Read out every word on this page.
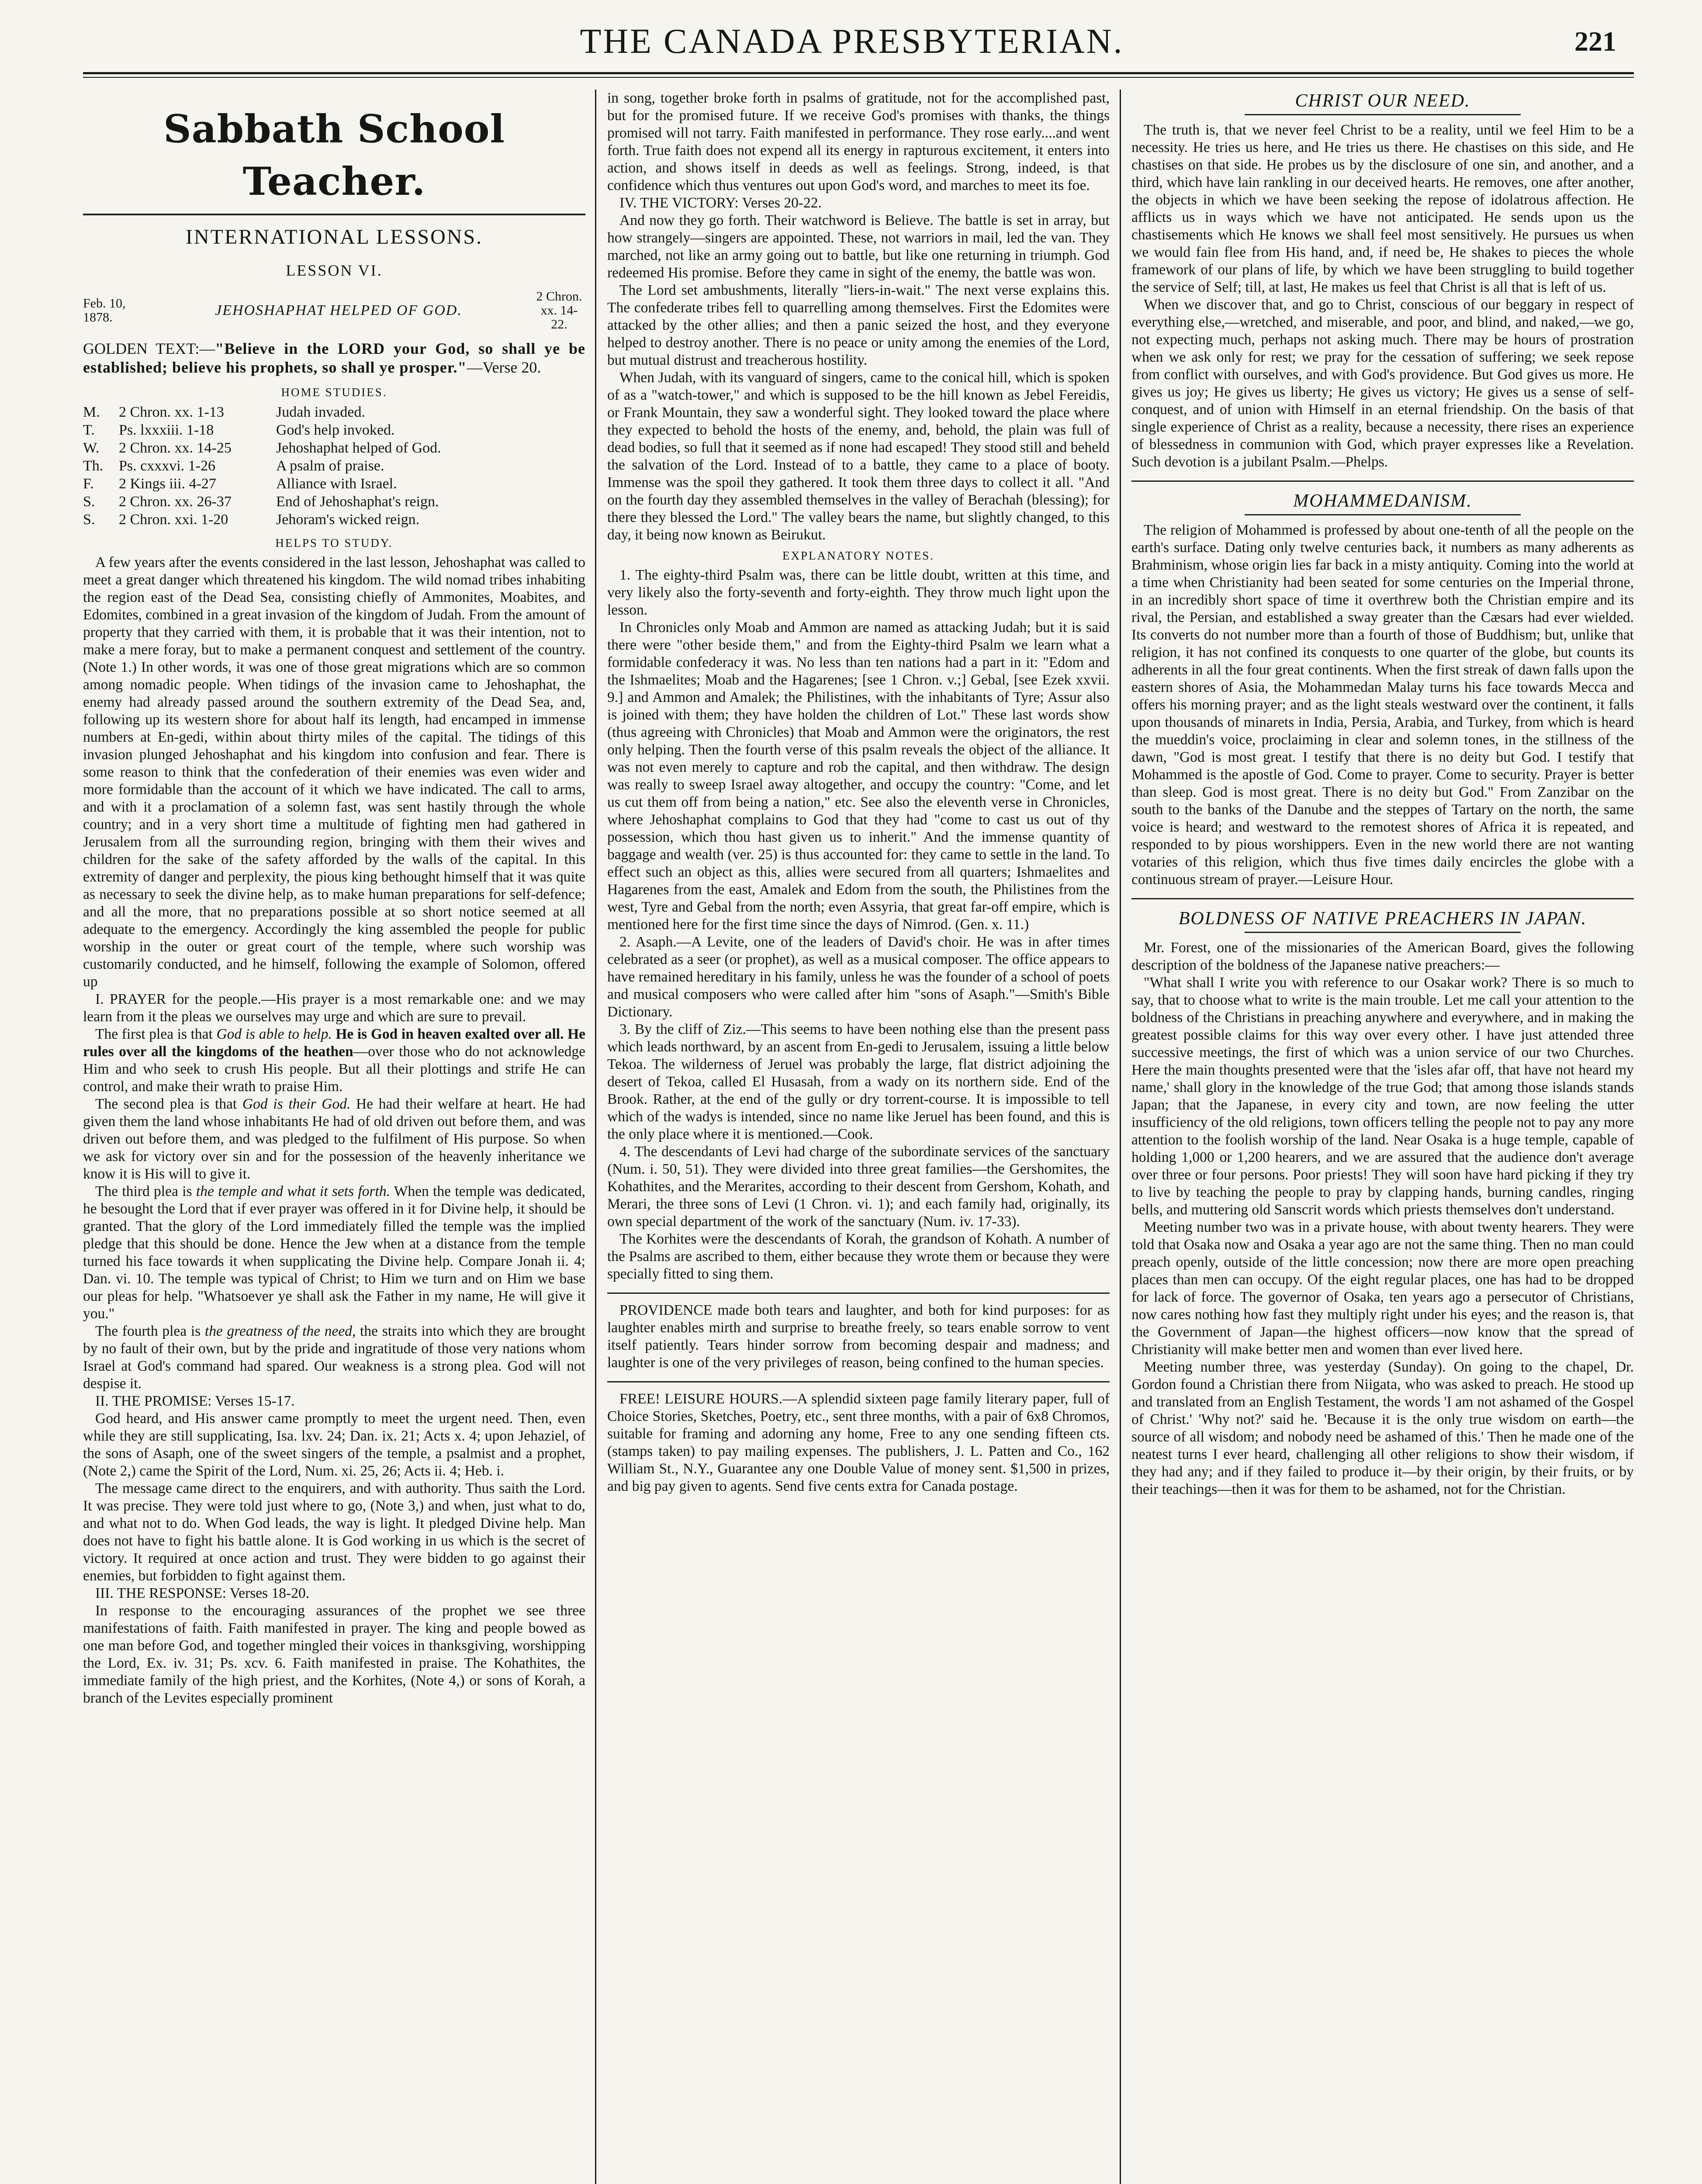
THE CANADA PRESBYTERIAN.	221
Sabbath School Teacher.
INTERNATIONAL LESSONS.
LESSON VI.
Feb. 10, 1878.	JEHOSHAPHAT HELPED OF GOD.
2 Chron. xx. 14-22.

GOLDEN TEXT:—"Believe in the LORD your God, so shall ye be established; believe his prophets, so shall ye prosper."—Verse 20.

HOME STUDIES.
M.	2 Chron. xx. 1-13	Judah invaded.
T.	Ps. lxxxiii. 1-18	God's help invoked.
W.	2 Chron. xx. 14-25	Jehoshaphat helped of God.
Th.	Ps. cxxxvi. 1-26	A psalm of praise.
F.	2 Kings iii. 4-27	Alliance with Israel.
S.	2 Chron. xx. 26-37	End of Jehoshaphat's reign.
S.	2 Chron. xxi. 1-20	Jehoram's wicked reign.
HELPS TO STUDY.

A few years after the events considered in the last lesson, Jehoshaphat was called to meet a great danger which threatened his kingdom. The wild nomad tribes inhabiting the region east of the Dead Sea, consisting chiefly of Ammonites, Moabites, and Edomites, combined in a great invasion of the kingdom of Judah. From the amount of property that they carried with them, it is probable that it was their intention, not to make a mere foray, but to make a permanent conquest and settlement of the country. (Note 1.) In other words, it was one of those great migrations which are so common among nomadic people. When tidings of the invasion came to Jehoshaphat, the enemy had already passed around the southern extremity of the Dead Sea, and, following up its western shore for about half its length, had encamped in immense numbers at En-gedi, within about thirty miles of the capital. The tidings of this invasion plunged Jehoshaphat and his kingdom into confusion and fear. There is some reason to think that the confederation of their enemies was even wider and more formidable than the account of it which we have indicated. The call to arms, and with it a proclamation of a solemn fast, was sent hastily through the whole country; and in a very short time a multitude of fighting men had gathered in Jerusalem from all the surrounding region, bringing with them their wives and children for the sake of the safety afforded by the walls of the capital. In this extremity of danger and perplexity, the pious king bethought himself that it was quite as necessary to seek the divine help, as to make human preparations for self-defence; and all the more, that no preparations possible at so short notice seemed at all adequate to the emergency. Accordingly the king assembled the people for public worship in the outer or great court of the temple, where such worship was customarily conducted, and he himself, following the example of Solomon, offered up

I. PRAYER for the people.—His prayer is a most remarkable one: and we may learn from it the pleas we ourselves may urge and which are sure to prevail.

The first plea is that God is able to help. He is God in heaven exalted over all. He rules over all the kingdoms of the heathen—over those who do not acknowledge Him and who seek to crush His people. But all their plottings and strife He can control, and make their wrath to praise Him.

The second plea is that God is their God. He had their welfare at heart. He had given them the land whose inhabitants He had of old driven out before them, and was driven out before them, and was pledged to the fulfilment of His purpose. So when we ask for victory over sin and for the possession of the heavenly inheritance we know it is His will to give it.

The third plea is the temple and what it sets forth. When the temple was dedicated, he besought the Lord that if ever prayer was offered in it for Divine help, it should be granted. That the glory of the Lord immediately filled the temple was the implied pledge that this should be done. Hence the Jew when at a distance from the temple turned his face towards it when supplicating the Divine help. Compare Jonah ii. 4; Dan. vi. 10. The temple was typical of Christ; to Him we turn and on Him we base our pleas for help. "Whatsoever ye shall ask the Father in my name, He will give it you."

The fourth plea is the greatness of the need, the straits into which they are brought by no fault of their own, but by the pride and ingratitude of those very nations whom Israel at God's command had spared. Our weakness is a strong plea. God will not despise it.

II. THE PROMISE: Verses 15-17.

God heard, and His answer came promptly to meet the urgent need. Then, even while they are still supplicating, Isa. lxv. 24; Dan. ix. 21; Acts x. 4; upon Jehaziel, of the sons of Asaph, one of the sweet singers of the temple, a psalmist and a prophet, (Note 2,) came the Spirit of the Lord, Num. xi. 25, 26; Acts ii. 4; Heb. i.

The message came direct to the enquirers, and with authority. Thus saith the Lord. It was precise. They were told just where to go, (Note 3,) and when, just what to do, and what not to do. When God leads, the way is light. It pledged Divine help. Man does not have to fight his battle alone. It is God working in us which is the secret of victory. It required at once action and trust. They were bidden to go against their enemies, but forbidden to fight against them.

III. THE RESPONSE: Verses 18-20.

In response to the encouraging assurances of the prophet we see three manifestations of faith. Faith manifested in prayer. The king and people bowed as one man before God, and together mingled their voices in thanksgiving, worshipping the Lord, Ex. iv. 31; Ps. xcv. 6. Faith manifested in praise. The Kohathites, the immediate family of the high priest, and the Korhites, (Note 4,) or sons of Korah, a branch of the Levites especially prominent

in song, together broke forth in psalms of gratitude, not for the accomplished past, but for the promised future. If we receive God's promises with thanks, the things promised will not tarry. Faith manifested in performance. They rose early....and went forth. True faith does not expend all its energy in rapturous excitement, it enters into action, and shows itself in deeds as well as feelings. Strong, indeed, is that confidence which thus ventures out upon God's word, and marches to meet its foe.

IV. THE VICTORY: Verses 20-22.

And now they go forth. Their watchword is Believe. The battle is set in array, but how strangely—singers are appointed. These, not warriors in mail, led the van. They marched, not like an army going out to battle, but like one returning in triumph. God redeemed His promise. Before they came in sight of the enemy, the battle was won.

The Lord set ambushments, literally "liers-in-wait." The next verse explains this. The confederate tribes fell to quarrelling among themselves. First the Edomites were attacked by the other allies; and then a panic seized the host, and they everyone helped to destroy another. There is no peace or unity among the enemies of the Lord, but mutual distrust and treacherous hostility.

When Judah, with its vanguard of singers, came to the conical hill, which is spoken of as a "watch-tower," and which is supposed to be the hill known as Jebel Fereidis, or Frank Mountain, they saw a wonderful sight. They looked toward the place where they expected to behold the hosts of the enemy, and, behold, the plain was full of dead bodies, so full that it seemed as if none had escaped! They stood still and beheld the salvation of the Lord. Instead of to a battle, they came to a place of booty. Immense was the spoil they gathered. It took them three days to collect it all. "And on the fourth day they assembled themselves in the valley of Berachah (blessing); for there they blessed the Lord." The valley bears the name, but slightly changed, to this day, it being now known as Beirukut.

EXPLANATORY NOTES.

1. The eighty-third Psalm was, there can be little doubt, written at this time, and very likely also the forty-seventh and forty-eighth. They throw much light upon the lesson.

In Chronicles only Moab and Ammon are named as attacking Judah; but it is said there were "other beside them," and from the Eighty-third Psalm we learn what a formidable confederacy it was. No less than ten nations had a part in it: "Edom and the Ishmaelites; Moab and the Hagarenes; [see 1 Chron. v.;] Gebal, [see Ezek xxvii. 9.] and Ammon and Amalek; the Philistines, with the inhabitants of Tyre; Assur also is joined with them; they have holden the children of Lot." These last words show (thus agreeing with Chronicles) that Moab and Ammon were the originators, the rest only helping. Then the fourth verse of this psalm reveals the object of the alliance. It was not even merely to capture and rob the capital, and then withdraw. The design was really to sweep Israel away altogether, and occupy the country: "Come, and let us cut them off from being a nation," etc. See also the eleventh verse in Chronicles, where Jehoshaphat complains to God that they had "come to cast us out of thy possession, which thou hast given us to inherit." And the immense quantity of baggage and wealth (ver. 25) is thus accounted for: they came to settle in the land. To effect such an object as this, allies were secured from all quarters; Ishmaelites and Hagarenes from the east, Amalek and Edom from the south, the Philistines from the west, Tyre and Gebal from the north; even Assyria, that great far-off empire, which is mentioned here for the first time since the days of Nimrod. (Gen. x. 11.)

2. Asaph.—A Levite, one of the leaders of David's choir. He was in after times celebrated as a seer (or prophet), as well as a musical composer. The office appears to have remained hereditary in his family, unless he was the founder of a school of poets and musical composers who were called after him "sons of Asaph."—Smith's Bible Dictionary.

3. By the cliff of Ziz.—This seems to have been nothing else than the present pass which leads northward, by an ascent from En-gedi to Jerusalem, issuing a little below Tekoa. The wilderness of Jeruel was probably the large, flat district adjoining the desert of Tekoa, called El Husasah, from a wady on its northern side. End of the Brook. Rather, at the end of the gully or dry torrent-course. It is impossible to tell which of the wadys is intended, since no name like Jeruel has been found, and this is the only place where it is mentioned.—Cook.

4. The descendants of Levi had charge of the subordinate services of the sanctuary (Num. i. 50, 51). They were divided into three great families—the Gershomites, the Kohathites, and the Merarites, according to their descent from Gershom, Kohath, and Merari, the three sons of Levi (1 Chron. vi. 1); and each family had, originally, its own special department of the work of the sanctuary (Num. iv. 17-33).

The Korhites were the descendants of Korah, the grandson of Kohath. A number of the Psalms are ascribed to them, either because they wrote them or because they were specially fitted to sing them.

PROVIDENCE made both tears and laughter, and both for kind purposes: for as laughter enables mirth and surprise to breathe freely, so tears enable sorrow to vent itself patiently. Tears hinder sorrow from becoming despair and madness; and laughter is one of the very privileges of reason, being confined to the human species.

FREE! LEISURE HOURS.—A splendid sixteen page family literary paper, full of Choice Stories, Sketches, Poetry, etc., sent three months, with a pair of 6x8 Chromos, suitable for framing and adorning any home, Free to any one sending fifteen cts. (stamps taken) to pay mailing expenses. The publishers, J. L. Patten and Co., 162 William St., N.Y., Guarantee any one Double Value of money sent. $1,500 in prizes, and big pay given to agents. Send five cents extra for Canada postage.

CHRIST OUR NEED.

The truth is, that we never feel Christ to be a reality, until we feel Him to be a necessity. He tries us here, and He tries us there. He chastises on this side, and He chastises on that side. He probes us by the disclosure of one sin, and another, and a third, which have lain rankling in our deceived hearts. He removes, one after another, the objects in which we have been seeking the repose of idolatrous affection. He afflicts us in ways which we have not anticipated. He sends upon us the chastisements which He knows we shall feel most sensitively. He pursues us when we would fain flee from His hand, and, if need be, He shakes to pieces the whole framework of our plans of life, by which we have been struggling to build together the service of Self; till, at last, He makes us feel that Christ is all that is left of us.

When we discover that, and go to Christ, conscious of our beggary in respect of everything else,—wretched, and miserable, and poor, and blind, and naked,—we go, not expecting much, perhaps not asking much. There may be hours of prostration when we ask only for rest; we pray for the cessation of suffering; we seek repose from conflict with ourselves, and with God's providence. But God gives us more. He gives us joy; He gives us liberty; He gives us victory; He gives us a sense of self-conquest, and of union with Himself in an eternal friendship. On the basis of that single experience of Christ as a reality, because a necessity, there rises an experience of blessedness in communion with God, which prayer expresses like a Revelation. Such devotion is a jubilant Psalm.—Phelps.

MOHAMMEDANISM.

The religion of Mohammed is professed by about one-tenth of all the people on the earth's surface. Dating only twelve centuries back, it numbers as many adherents as Brahminism, whose origin lies far back in a misty antiquity. Coming into the world at a time when Christianity had been seated for some centuries on the Imperial throne, in an incredibly short space of time it overthrew both the Christian empire and its rival, the Persian, and established a sway greater than the Cæsars had ever wielded. Its converts do not number more than a fourth of those of Buddhism; but, unlike that religion, it has not confined its conquests to one quarter of the globe, but counts its adherents in all the four great continents. When the first streak of dawn falls upon the eastern shores of Asia, the Mohammedan Malay turns his face towards Mecca and offers his morning prayer; and as the light steals westward over the continent, it falls upon thousands of minarets in India, Persia, Arabia, and Turkey, from which is heard the mueddin's voice, proclaiming in clear and solemn tones, in the stillness of the dawn, "God is most great. I testify that there is no deity but God. I testify that Mohammed is the apostle of God. Come to prayer. Come to security. Prayer is better than sleep. God is most great. There is no deity but God." From Zanzibar on the south to the banks of the Danube and the steppes of Tartary on the north, the same voice is heard; and westward to the remotest shores of Africa it is repeated, and responded to by pious worshippers. Even in the new world there are not wanting votaries of this religion, which thus five times daily encircles the globe with a continuous stream of prayer.—Leisure Hour.

BOLDNESS OF NATIVE PREACHERS IN JAPAN.

Mr. Forest, one of the missionaries of the American Board, gives the following description of the boldness of the Japanese native preachers:—

"What shall I write you with reference to our Osakar work? There is so much to say, that to choose what to write is the main trouble. Let me call your attention to the boldness of the Christians in preaching anywhere and everywhere, and in making the greatest possible claims for this way over every other. I have just attended three successive meetings, the first of which was a union service of our two Churches. Here the main thoughts presented were that the 'isles afar off, that have not heard my name,' shall glory in the knowledge of the true God; that among those islands stands Japan; that the Japanese, in every city and town, are now feeling the utter insufficiency of the old religions, town officers telling the people not to pay any more attention to the foolish worship of the land. Near Osaka is a huge temple, capable of holding 1,000 or 1,200 hearers, and we are assured that the audience don't average over three or four persons. Poor priests! They will soon have hard picking if they try to live by teaching the people to pray by clapping hands, burning candles, ringing bells, and muttering old Sanscrit words which priests themselves don't understand.

Meeting number two was in a private house, with about twenty hearers. They were told that Osaka now and Osaka a year ago are not the same thing. Then no man could preach openly, outside of the little concession; now there are more open preaching places than men can occupy. Of the eight regular places, one has had to be dropped for lack of force. The governor of Osaka, ten years ago a persecutor of Christians, now cares nothing how fast they multiply right under his eyes; and the reason is, that the Government of Japan—the highest officers—now know that the spread of Christianity will make better men and women than ever lived here.

Meeting number three, was yesterday (Sunday). On going to the chapel, Dr. Gordon found a Christian there from Niigata, who was asked to preach. He stood up and translated from an English Testament, the words 'I am not ashamed of the Gospel of Christ.' 'Why not?' said he. 'Because it is the only true wisdom on earth—the source of all wisdom; and nobody need be ashamed of this.' Then he made one of the neatest turns I ever heard, challenging all other religions to show their wisdom, if they had any; and if they failed to produce it—by their origin, by their fruits, or by their teachings—then it was for them to be ashamed, not for the Christian.
